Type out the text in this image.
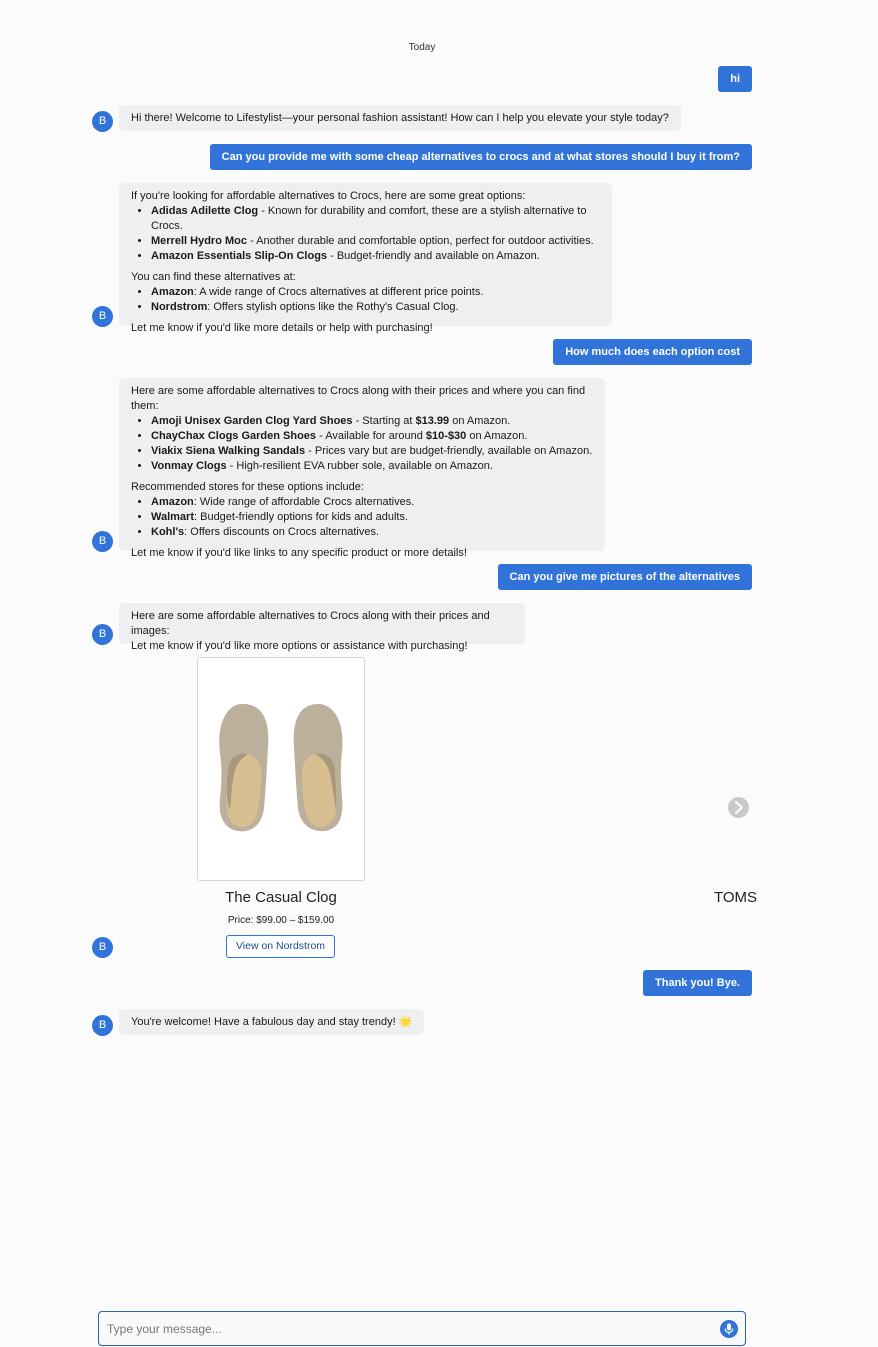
Today
hi
B	Hi there! Welcome to Lifestylist—your personal fashion assistant! How can I help you elevate your style today?

Can you provide me with some cheap alternatives to crocs and at what stores should I buy it from?

If you're looking for affordable alternatives to Crocs, here are some great options:

• Adidas Adilette Clog - Known for durability and comfort, these are a stylish alternative to Crocs.
• Merrell Hydro Moc - Another durable and comfortable option, perfect for outdoor activities.
• Amazon Essentials Slip-On Clogs - Budget-friendly and available on Amazon.

You can find these alternatives at:

• Amazon: A wide range of Crocs alternatives at different price points.
• Nordstrom: Offers stylish options like the Rothy's Casual Clog.

Let me know if you'd like more details or help with purchasing!

B
How much does each option cost

Here are some affordable alternatives to Crocs along with their prices and where you can find them:

• Amoji Unisex Garden Clog Yard Shoes - Starting at $13.99 on Amazon.
• ChayChax Clogs Garden Shoes - Available for around $10-$30 on Amazon.
• Viakix Siena Walking Sandals - Prices vary but are budget-friendly, available on Amazon.
• Vonmay Clogs - High-resilient EVA rubber sole, available on Amazon.

Recommended stores for these options include:

• Amazon: Wide range of affordable Crocs alternatives.
• Walmart: Budget-friendly options for kids and adults.
• Kohl's: Offers discounts on Crocs alternatives.

Let me know if you'd like links to any specific product or more details!

B
Can you give me pictures of the alternatives

Here are some affordable alternatives to Crocs along with their prices and images:

Let me know if you'd like more options or assistance with purchasing!

B
The Casual Clog
Price: $99.00 – $159.00
View on Nordstrom
B
TOMS
Thank you! Bye.

You're welcome! Have a fabulous day and stay trendy! 🌟

B
Type your message...
